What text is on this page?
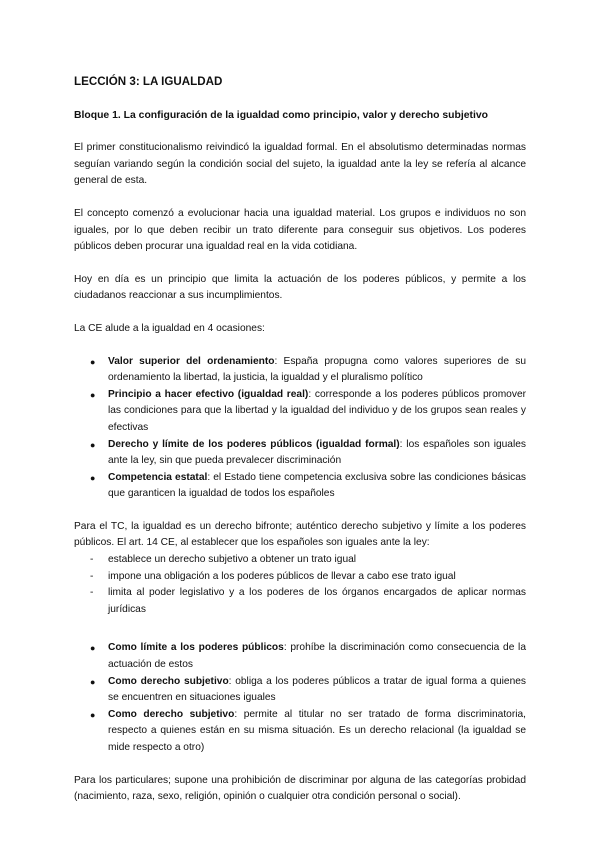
LECCIÓN 3: LA IGUALDAD
Bloque 1. La configuración de la igualdad como principio, valor y derecho subjetivo

El primer constitucionalismo reivindicó la igualdad formal. En el absolutismo determinadas normas seguían variando según la condición social del sujeto, la igualdad ante la ley se refería al alcance general de esta.

El concepto comenzó a evolucionar hacia una igualdad material. Los grupos e individuos no son iguales, por lo que deben recibir un trato diferente para conseguir sus objetivos. Los poderes públicos deben procurar una igualdad real en la vida cotidiana.

Hoy en día es un principio que limita la actuación de los poderes públicos, y permite a los ciudadanos reaccionar a sus incumplimientos.

La CE alude a la igualdad en 4 ocasiones:

● Valor superior del ordenamiento: España propugna como valores superiores de su ordenamiento la libertad, la justicia, la igualdad y el pluralismo político
● Principio a hacer efectivo (igualdad real): corresponde a los poderes públicos promover las condiciones para que la libertad y la igualdad del individuo y de los grupos sean reales y efectivas
● Derecho y límite de los poderes públicos (igualdad formal): los españoles son iguales ante la ley, sin que pueda prevalecer discriminación
● Competencia estatal: el Estado tiene competencia exclusiva sobre las condiciones básicas que garanticen la igualdad de todos los españoles

Para el TC, la igualdad es un derecho bifronte; auténtico derecho subjetivo y límite a los poderes públicos. El art. 14 CE, al establecer que los españoles son iguales ante la ley:

- establece un derecho subjetivo a obtener un trato igual
- impone una obligación a los poderes públicos de llevar a cabo ese trato igual
- limita al poder legislativo y a los poderes de los órganos encargados de aplicar normas jurídicas
● Como límite a los poderes públicos: prohíbe la discriminación como consecuencia de la actuación de estos
● Como derecho subjetivo: obliga a los poderes públicos a tratar de igual forma a quienes se encuentren en situaciones iguales
● Como derecho subjetivo: permite al titular no ser tratado de forma discriminatoria, respecto a quienes están en su misma situación. Es un derecho relacional (la igualdad se mide respecto a otro)

Para los particulares; supone una prohibición de discriminar por alguna de las categorías probidad (nacimiento, raza, sexo, religión, opinión o cualquier otra condición personal o social).
